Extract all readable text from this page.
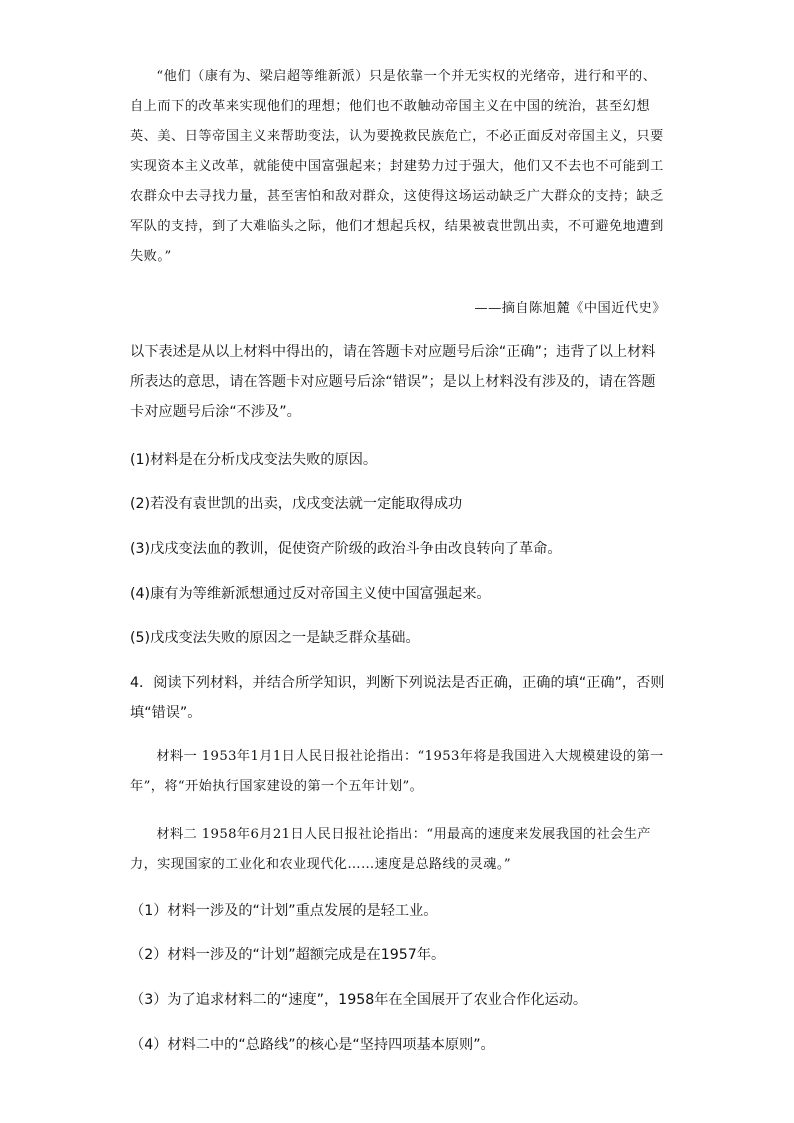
“他们（康有为、梁启超等维新派）只是依靠一个并无实权的光绪帝，进行和平的、自上而下的改革来实现他们的理想；他们也不敢触动帝国主义在中国的统治，甚至幻想英、美、日等帝国主义来帮助变法，认为要挽救民族危亡，不必正面反对帝国主义，只要实现资本主义改革，就能使中国富强起来；封建势力过于强大，他们又不去也不可能到工农群众中去寻找力量，甚至害怕和敌对群众，这使得这场运动缺乏广大群众的支持；缺乏军队的支持，到了大难临头之际，他们才想起兵权，结果被袁世凯出卖，不可避免地遭到失败。”

——摘自陈旭麓《中国近代史》

以下表述是从以上材料中得出的，请在答题卡对应题号后涂“正确”；违背了以上材料所表达的意思，请在答题卡对应题号后涂“错误”；是以上材料没有涉及的，请在答题卡对应题号后涂“不涉及”。

(1)材料是在分析戊戌变法失败的原因。

(2)若没有袁世凯的出卖，戊戌变法就一定能取得成功

(3)戊戌变法血的教训，促使资产阶级的政治斗争由改良转向了革命。

(4)康有为等维新派想通过反对帝国主义使中国富强起来。

(5)戊戌变法失败的原因之一是缺乏群众基础。

4．阅读下列材料，并结合所学知识，判断下列说法是否正确，正确的填“正确”，否则填“错误”。

材料一 1953年1月1日人民日报社论指出：“1953年将是我国进入大规模建设的第一年”，将“开始执行国家建设的第一个五年计划”。

材料二 1958年6月21日人民日报社论指出：“用最高的速度来发展我国的社会生产力，实现国家的工业化和农业现代化……速度是总路线的灵魂。”

（1）材料一涉及的“计划”重点发展的是轻工业。

（2）材料一涉及的“计划”超额完成是在1957年。

（3）为了追求材料二的“速度”，1958年在全国展开了农业合作化运动。

（4）材料二中的“总路线”的核心是“坚持四项基本原则”。
